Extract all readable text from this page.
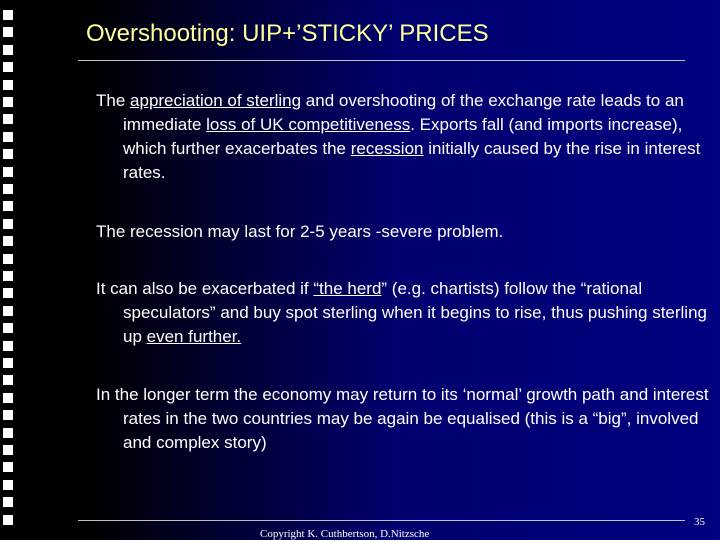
Overshooting: UIP+’STICKY’ PRICES

The appreciation of sterling and overshooting of the exchange rate leads to an immediate loss of UK competitiveness. Exports fall (and imports increase), which further exacerbates the recession initially caused by the rise in interest rates.

The recession may last for 2-5 years -severe problem.

It can also be exacerbated if “the herd” (e.g. chartists) follow the “rational speculators” and buy spot sterling when it begins to rise, thus pushing sterling up even further.

In the longer term the economy may return to its ‘normal’ growth path and interest rates in the two countries may be again be equalised (this is a “big”, involved and complex story)

Copyright K. Cuthbertson, D.Nitzsche
35
